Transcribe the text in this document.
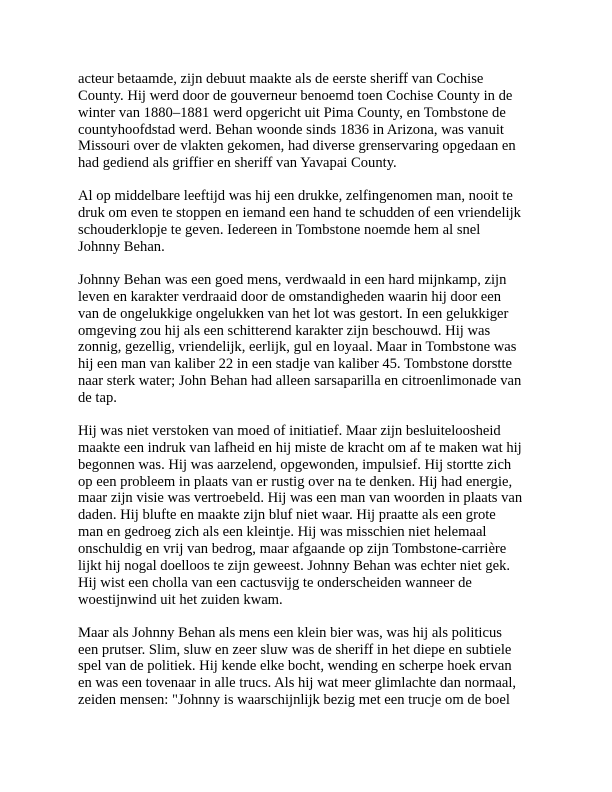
acteur betaamde, zijn debuut maakte als de eerste sheriff van Cochise
County. Hij werd door de gouverneur benoemd toen Cochise County in de
winter van 1880–1881 werd opgericht uit Pima County, en Tombstone de
countyhoofdstad werd. Behan woonde sinds 1836 in Arizona, was vanuit
Missouri over de vlakten gekomen, had diverse grenservaring opgedaan en
had gediend als griffier en sheriff van Yavapai County.

Al op middelbare leeftijd was hij een drukke, zelfingenomen man, nooit te
druk om even te stoppen en iemand een hand te schudden of een vriendelijk
schouderklopje te geven. Iedereen in Tombstone noemde hem al snel
Johnny Behan.

Johnny Behan was een goed mens, verdwaald in een hard mijnkamp, zijn
leven en karakter verdraaid door de omstandigheden waarin hij door een
van de ongelukkige ongelukken van het lot was gestort. In een gelukkiger
omgeving zou hij als een schitterend karakter zijn beschouwd. Hij was
zonnig, gezellig, vriendelijk, eerlijk, gul en loyaal. Maar in Tombstone was
hij een man van kaliber 22 in een stadje van kaliber 45. Tombstone dorstte
naar sterk water; John Behan had alleen sarsaparilla en citroenlimonade van
de tap.

Hij was niet verstoken van moed of initiatief. Maar zijn besluiteloosheid
maakte een indruk van lafheid en hij miste de kracht om af te maken wat hij
begonnen was. Hij was aarzelend, opgewonden, impulsief. Hij stortte zich
op een probleem in plaats van er rustig over na te denken. Hij had energie,
maar zijn visie was vertroebeld. Hij was een man van woorden in plaats van
daden. Hij blufte en maakte zijn bluf niet waar. Hij praatte als een grote
man en gedroeg zich als een kleintje. Hij was misschien niet helemaal
onschuldig en vrij van bedrog, maar afgaande op zijn Tombstone-carrière
lijkt hij nogal doelloos te zijn geweest. Johnny Behan was echter niet gek.
Hij wist een cholla van een cactusvijg te onderscheiden wanneer de
woestijnwind uit het zuiden kwam.

Maar als Johnny Behan als mens een klein bier was, was hij als politicus
een prutser. Slim, sluw en zeer sluw was de sheriff in het diepe en subtiele
spel van de politiek. Hij kende elke bocht, wending en scherpe hoek ervan
en was een tovenaar in alle trucs. Als hij wat meer glimlachte dan normaal,
zeiden mensen: "Johnny is waarschijnlijk bezig met een trucje om de boel
